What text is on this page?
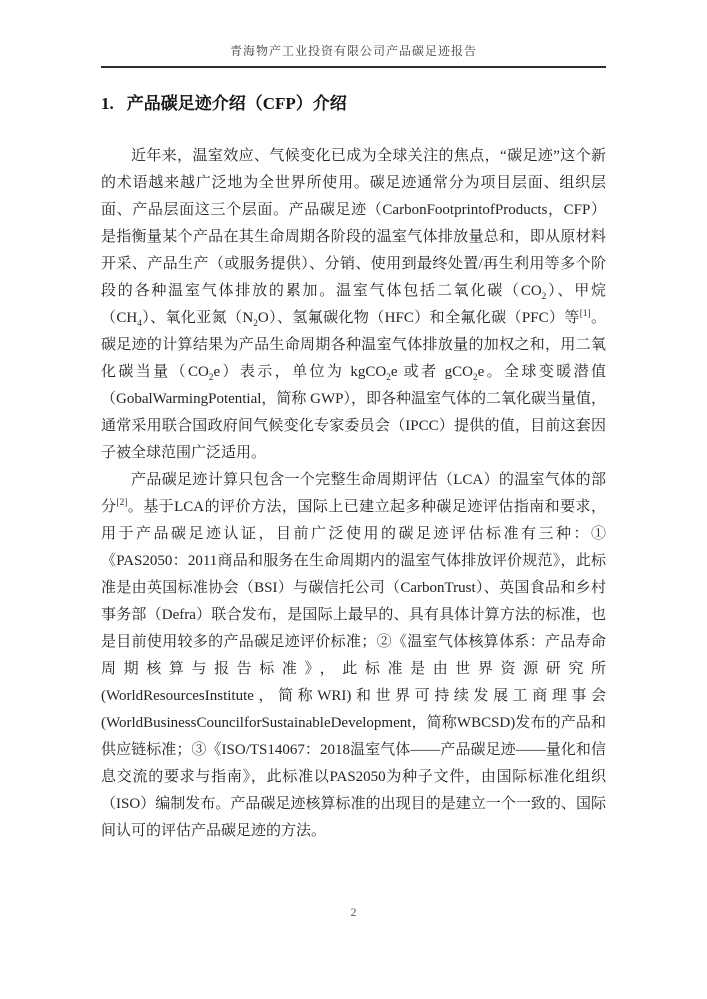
青海物产工业投资有限公司产品碳足迹报告
1. 产品碳足迹介绍（CFP）介绍

近年来，温室效应、气候变化已成为全球关注的焦点，“碳足迹”这个新的术语越来越广泛地为全世界所使用。碳足迹通常分为项目层面、组织层面、产品层面这三个层面。产品碳足迹（CarbonFootprintofProducts，CFP）是指衡量某个产品在其生命周期各阶段的温室气体排放量总和，即从原材料开采、产品生产（或服务提供）、分销、使用到最终处置/再生利用等多个阶段的各种温室气体排放的累加。温室气体包括二氧化碳$(CO_2)$、甲烷$(CH_4)$、氧化亚氮$(N_2O)$、氢氟碳化物（HFC）和全氟化碳（PFC）等[1]。碳足迹的计算结果为产品生命周期各种温室气体排放量的加权之和，用二氧化碳当量$(CO_2e)$表示，单位为 kgCO$_2$e 或者 gCO$_2$e。全球变暖潜值（GobalWarmingPotential，简称 GWP），即各种温室气体的二氧化碳当量值，通常采用联合国政府间气候变化专家委员会（IPCC）提供的值，目前这套因子被全球范围广泛适用。

产品碳足迹计算只包含一个完整生命周期评估（LCA）的温室气体的部分[2]。基于LCA的评价方法，国际上已建立起多种碳足迹评估指南和要求，用于产品碳足迹认证，目前广泛使用的碳足迹评估标准有三种：①《PAS2050：2011商品和服务在生命周期内的温室气体排放评价规范》，此标准是由英国标准协会（BSI）与碳信托公司（CarbonTrust）、英国食品和乡村事务部（Defra）联合发布，是国际上最早的、具有具体计算方法的标准，也是目前使用较多的产品碳足迹评价标准；②《温室气体核算体系：产品寿命周期核算与报告标准》，此标准是由世界资源研究所(WorldResourcesInstitute，简称WRI)和世界可持续发展工商理事会(WorldBusinessCouncilforSustainableDevelopment，简称WBCSD)发布的产品和供应链标准；③《ISO/TS14067：2018温室气体——产品碳足迹——量化和信息交流的要求与指南》，此标准以PAS2050为种子文件，由国际标准化组织（ISO）编制发布。产品碳足迹核算标准的出现目的是建立一个一致的、国际间认可的评估产品碳足迹的方法。

2
